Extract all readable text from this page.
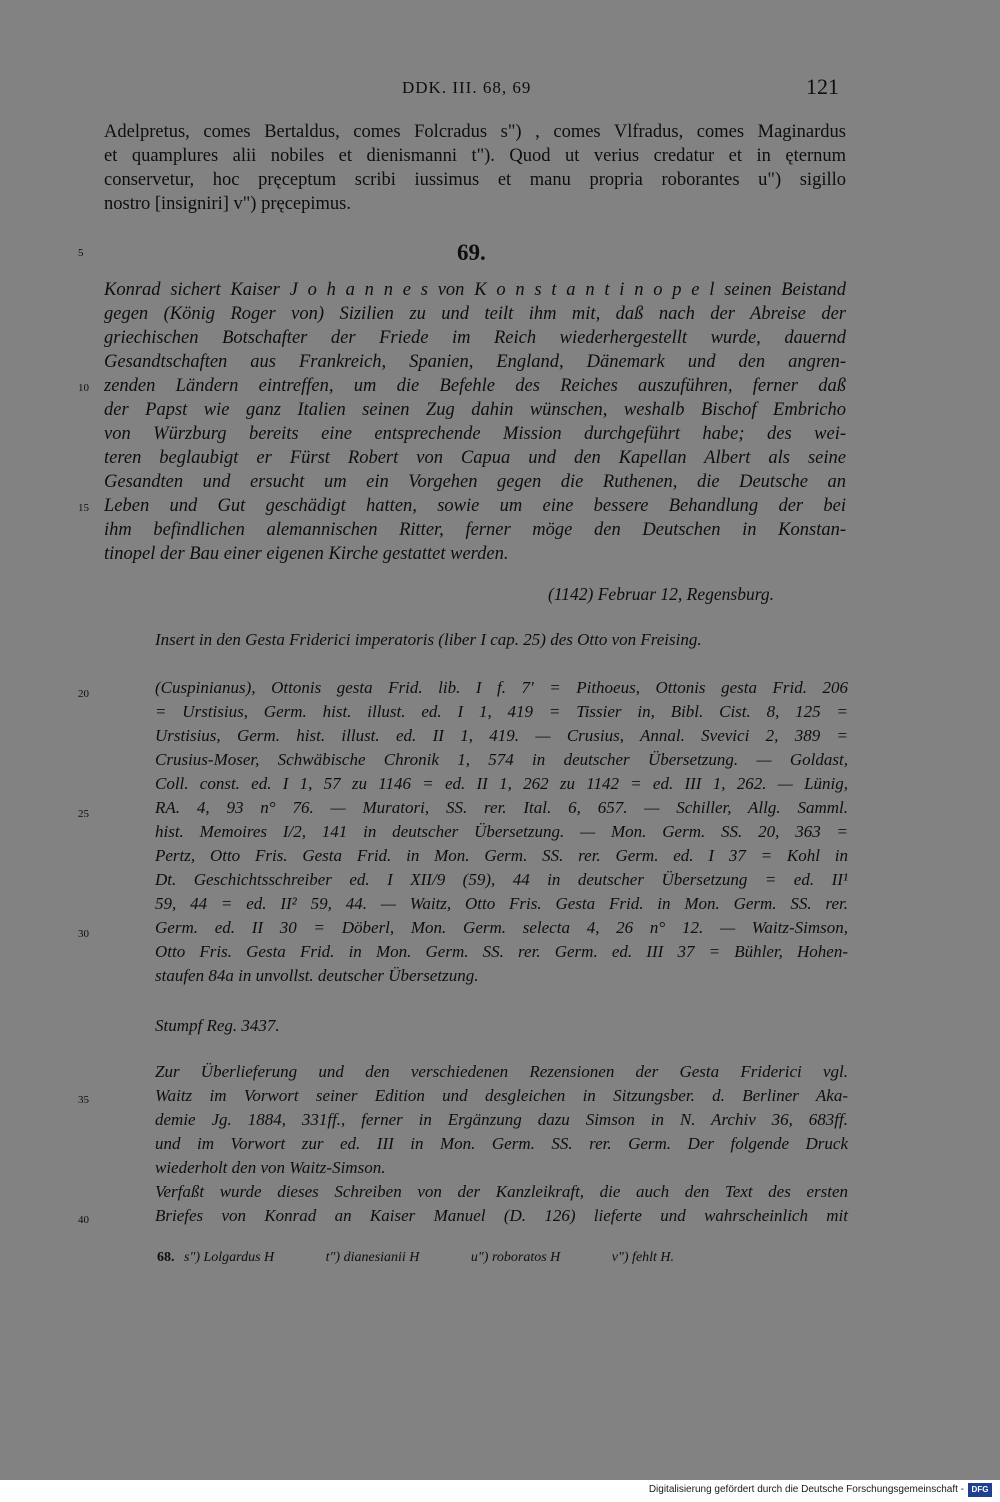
DDK. III. 68, 69	121
Adelpretus, comes Bertaldus, comes Folcradus s") , comes Vlfradus, comes Maginardus
et quamplures alii nobiles et dienismanni t"). Quod ut verius credatur et in ęternum
conservetur, hoc pręceptum scribi iussimus et manu propria roborantes u") sigillo
nostro [insigniri] v") pręcepimus.
5	69.
Konrad sichert Kaiser J o h a n n e s von K o n s t a n t i n o p e l seinen Beistand
gegen (König Roger von) Sizilien zu und teilt ihm mit, daß nach der Abreise der
griechischen Botschafter der Friede im Reich wiederhergestellt wurde, dauernd
Gesandtschaften aus Frankreich, Spanien, England, Dänemark und den angren-
zenden Ländern eintreffen, um die Befehle des Reiches auszuführen, ferner daß
der Papst wie ganz Italien seinen Zug dahin wünschen, weshalb Bischof Embricho
von Würzburg bereits eine entsprechende Mission durchgeführt habe; des wei-
teren beglaubigt er Fürst Robert von Capua und den Kapellan Albert als seine
Gesandten und ersucht um ein Vorgehen gegen die Ruthenen, die Deutsche an
Leben und Gut geschädigt hatten, sowie um eine bessere Behandlung der bei
ihm befindlichen alemannischen Ritter, ferner möge den Deutschen in Konstan-
tinopel der Bau einer eigenen Kirche gestattet werden.
10
15
(1142) Februar 12, Regensburg.
Insert in den Gesta Friderici imperatoris (liber I cap. 25) des Otto von Freising.
(Cuspinianus), Ottonis gesta Frid. lib. I f. 7' = Pithoeus, Ottonis gesta Frid. 206
= Urstisius, Germ. hist. illust. ed. I 1, 419 = Tissier in, Bibl. Cist. 8, 125 =
Urstisius, Germ. hist. illust. ed. II 1, 419. — Crusius, Annal. Svevici 2, 389 =
Crusius-Moser, Schwäbische Chronik 1, 574 in deutscher Übersetzung. — Goldast,
Coll. const. ed. I 1, 57 zu 1146 = ed. II 1, 262 zu 1142 = ed. III 1, 262. — Lünig,
RA. 4, 93 n° 76. — Muratori, SS. rer. Ital. 6, 657. — Schiller, Allg. Samml.
hist. Memoires I/2, 141 in deutscher Übersetzung. — Mon. Germ. SS. 20, 363 =
Pertz, Otto Fris. Gesta Frid. in Mon. Germ. SS. rer. Germ. ed. I 37 = Kohl in
Dt. Geschichtsschreiber ed. I XII/9 (59), 44 in deutscher Übersetzung = ed. II¹
59, 44 = ed. II² 59, 44. — Waitz, Otto Fris. Gesta Frid. in Mon. Germ. SS. rer.
Germ. ed. II 30 = Döberl, Mon. Germ. selecta 4, 26 n° 12. — Waitz-Simson,
Otto Fris. Gesta Frid. in Mon. Germ. SS. rer. Germ. ed. III 37 = Bühler, Hohen-
staufen 84a in unvollst. deutscher Übersetzung.
20
25
30
Stumpf Reg. 3437.
Zur Überlieferung und den verschiedenen Rezensionen der Gesta Friderici vgl.
Waitz im Vorwort seiner Edition und desgleichen in Sitzungsber. d. Berliner Aka-
demie Jg. 1884, 331ff., ferner in Ergänzung dazu Simson in N. Archiv 36, 683ff.
und im Vorwort zur ed. III in Mon. Germ. SS. rer. Germ. Der folgende Druck
wiederholt den von Waitz-Simson.
Verfaßt wurde dieses Schreiben von der Kanzleikraft, die auch den Text des ersten
Briefes von Konrad an Kaiser Manuel (D. 126) lieferte und wahrscheinlich mit
35
40
68. s") Lolgardus H	t") dianesianii H	u") roboratos H	v") fehlt H.
Digitalisierung gefördert durch die Deutsche Forschungsgemeinschaft - DFG
